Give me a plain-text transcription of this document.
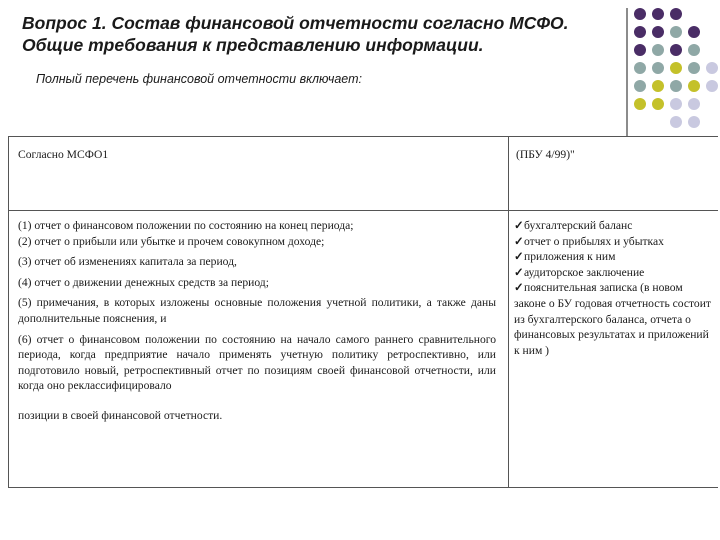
Вопрос 1. Состав финансовой отчетности согласно МСФО.
Общие требования к представлению информации.
Полный перечень финансовой отчетности включает:
Согласно МСФО1	(ПБУ 4/99)"

(1) отчет о финансовом положении по состоянию на конец периода;

(2) отчет о прибыли или убытке и прочем совокупном доходе;

(3) отчет об изменениях капитала за период,

(4) отчет о движении денежных средств за период;

(5) примечания, в которых изложены основные положения учетной политики, а также даны дополнительные пояснения, и

(6) отчет о финансовом положении по состоянию на начало самого раннего сравнительного периода, когда предприятие начало применять учетную политику ретроспективно, или подготовило новый, ретроспективный отчет по позициям своей финансовой отчетности, или когда оно реклассифицировало

позиции в своей финансовой отчетности.

✓ бухгалтерский баланс

✓ отчет о прибылях и убытках

✓ приложения к ним

✓ аудиторское заключение

✓пояснительная записка (в новом законе о БУ годовая отчетность состоит из бухгалтерского баланса, отчета о финансовых результатах и приложений к ним )
